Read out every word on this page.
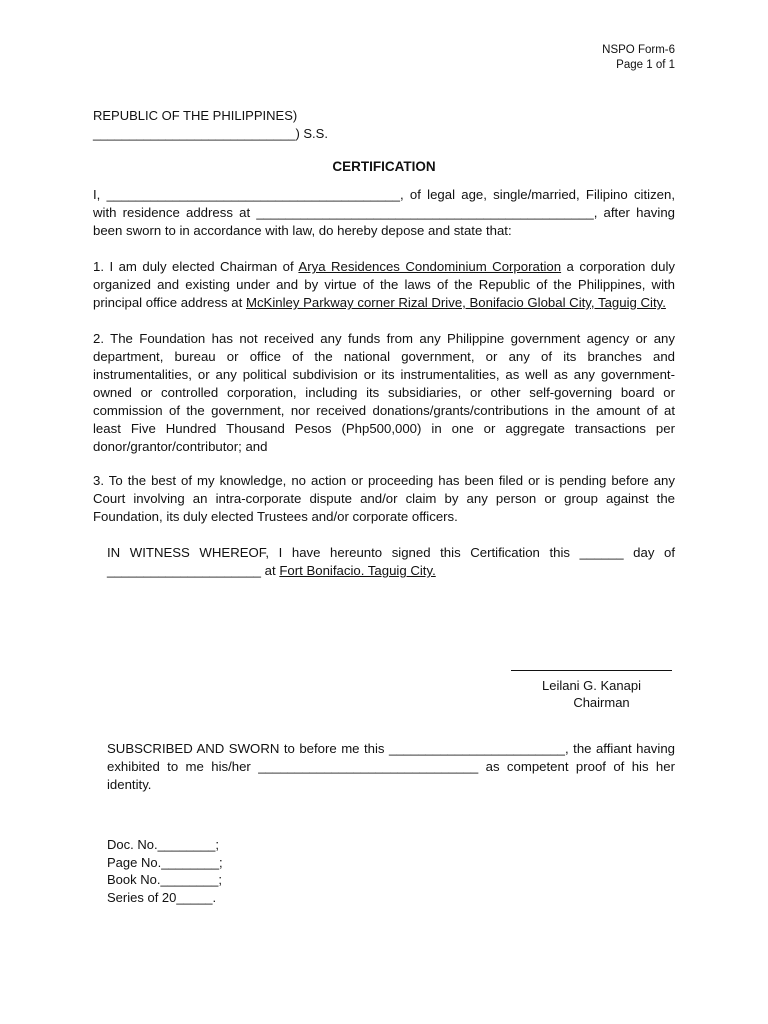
NSPO Form-6
Page 1 of 1
REPUBLIC OF THE PHILIPPINES)
____________________________) S.S.
CERTIFICATION

I, ________________________________________, of legal age, single/married, Filipino citizen, with residence address at ______________________________________________, after having been sworn to in accordance with law, do hereby depose and state that:

1. I am duly elected Chairman of Arya Residences Condominium Corporation a corporation duly organized and existing under and by virtue of the laws of the Republic of the Philippines, with principal office address at McKinley Parkway corner Rizal Drive, Bonifacio Global City, Taguig City.

2. The Foundation has not received any funds from any Philippine government agency or any department, bureau or office of the national government, or any of its branches and instrumentalities, or any political subdivision or its instrumentalities, as well as any government-owned or controlled corporation, including its subsidiaries, or other self-governing board or commission of the government, nor received donations/grants/contributions in the amount of at least Five Hundred Thousand Pesos (Php500,000) in one or aggregate transactions per donor/grantor/contributor; and

3. To the best of my knowledge, no action or proceeding has been filed or is pending before any Court involving an intra-corporate dispute and/or claim by any person or group against the Foundation, its duly elected Trustees and/or corporate officers.

IN WITNESS WHEREOF, I have hereunto signed this Certification this ______ day of _____________________ at Fort Bonifacio. Taguig City.

Leilani G. Kanapi
Chairman

SUBSCRIBED AND SWORN to before me this ________________________, the affiant having exhibited to me his/her ______________________________ as competent proof of his her identity.

Doc. No.________;
Page No.________;
Book No.________;
Series of 20_____.
